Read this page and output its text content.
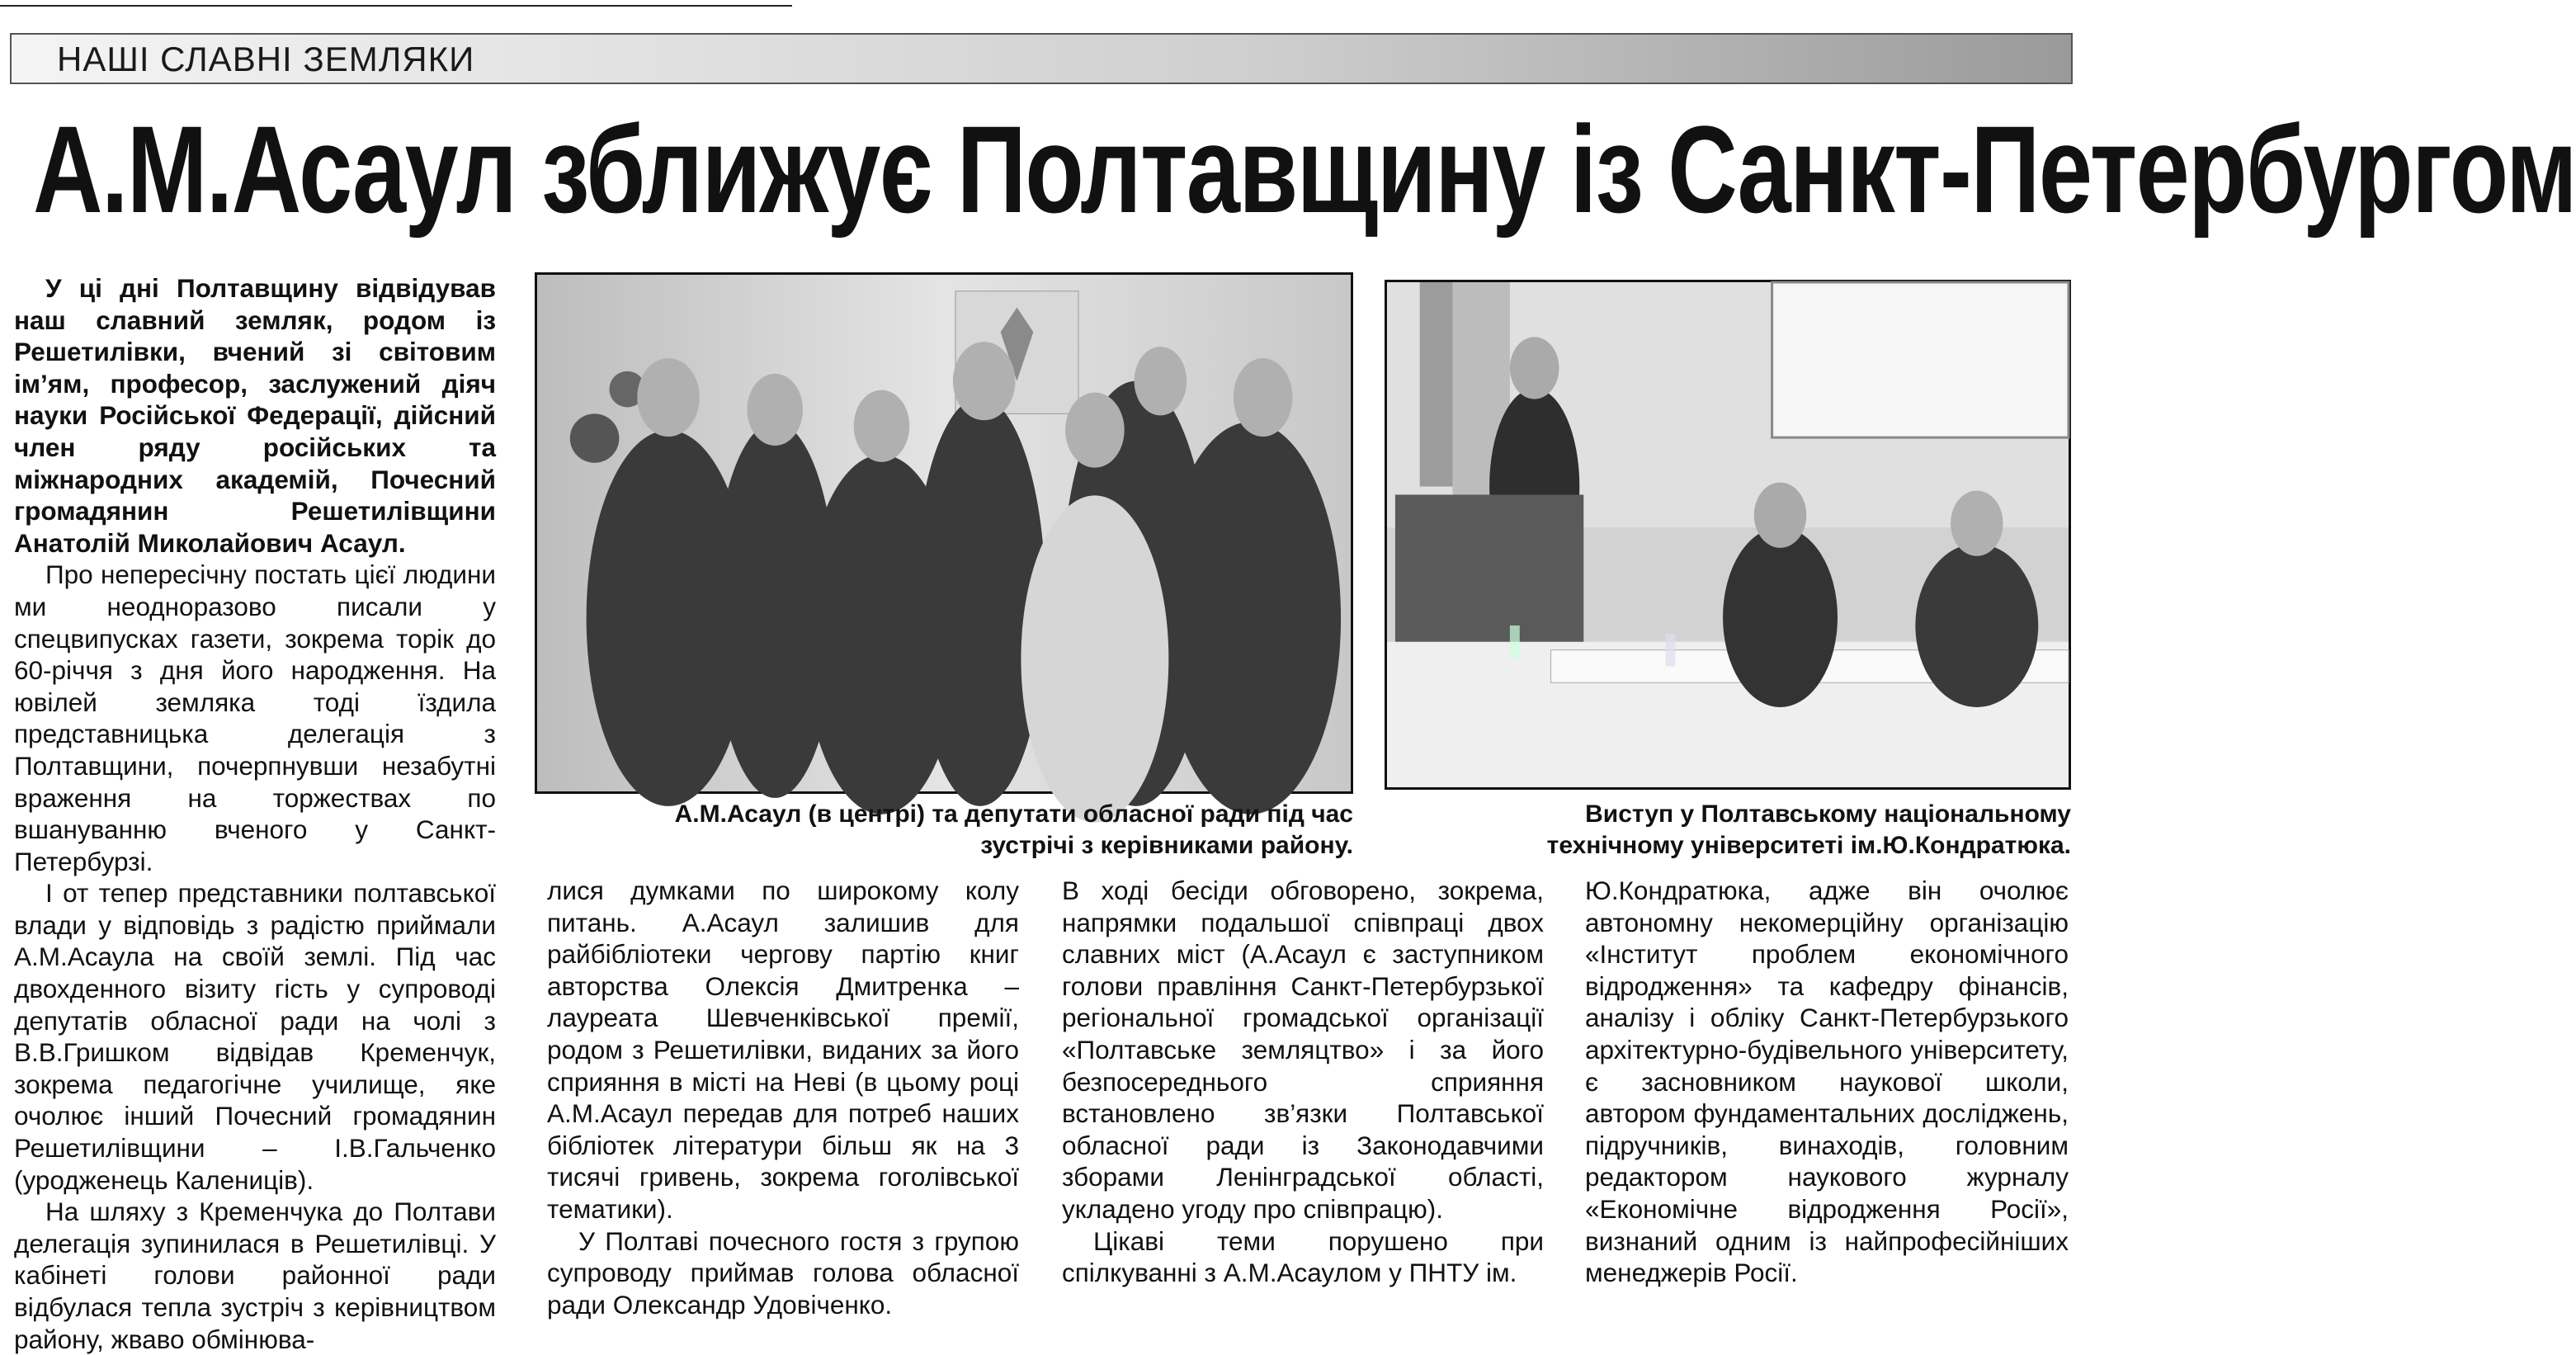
НАШІ СЛАВНІ ЗЕМЛЯКИ
А.М.Асаул зближує Полтавщину із Санкт-Петербургом

У ці дні Полтавщину відвідував наш славний земляк, родом із Решетилівки, вчений зі світовим ім’ям, професор, заслужений діяч науки Російської Федерації, дійсний член ряду російських та міжнародних академій, Почесний громадянин Решетилівщини Анатолій Миколайович Асаул.

Про непересічну постать цієї людини ми неодноразово писали у спецвипусках газети, зокрема торік до 60-річчя з дня його народження. На ювілей земляка тоді їздила представницька делегація з Полтавщини, почерпнувши незабутні враження на торжествах по вшануванню вченого у Санкт-Петербурзі.

І от тепер представники полтавської влади у відповідь з радістю приймали А.М.Асаула на своїй землі. Під час двохденного візиту гість у супроводі депутатів обласної ради на чолі з В.В.Гришком відвідав Кременчук, зокрема педагогічне училище, яке очолює інший Почесний громадянин Решетилівщини – І.В.Гальченко (уродженець Калениців).

На шляху з Кременчука до Полтави делегація зупинилася в Решетилівці. У кабінеті голови районної ради відбулася тепла зустріч з керівництвом району, жваво обмінюва-

А.М.Асаул (в центрі) та депутати обласної ради під час
зустрічі з керівниками району.

Виступ у Полтавському національному
технічному університеті ім.Ю.Кондратюка.

лися думками по широкому колу питань. А.Асаул залишив для райбібліотеки чергову партію книг авторства Олексія Дмитренка – лауреата Шевченківської премії, родом з Решетилівки, виданих за його сприяння в місті на Неві (в цьому році А.М.Асаул передав для потреб наших бібліотек літератури більш як на 3 тисячі гривень, зокрема гоголівської тематики).

У Полтаві почесного гостя з групою супроводу приймав голова обласної ради Олександр Удовіченко.

В ході бесіди обговорено, зокрема, напрямки подальшої співпраці двох славних міст (А.Асаул є заступником голови правління Санкт-Петербурзької регіональної громадської організації «Полтавське земляцтво» і за його безпосереднього сприяння встановлено зв’язки Полтавської обласної ради із Законодавчими зборами Ленінградської області, укладено угоду про співпрацю).

Цікаві теми порушено при спілкуванні з А.М.Асаулом у ПНТУ ім.

Ю.Кондратюка, адже він очолює автономну некомерційну організацію «Інститут проблем економічного відродження» та кафедру фінансів, аналізу і обліку Санкт-Петербурзького архітектурно-будівельного університету, є засновником наукової школи, автором фундаментальних досліджень, підручників, винаходів, головним редактором наукового журналу «Економічне відродження Росії», визнаний одним із найпрофесійніших менеджерів Росії.
